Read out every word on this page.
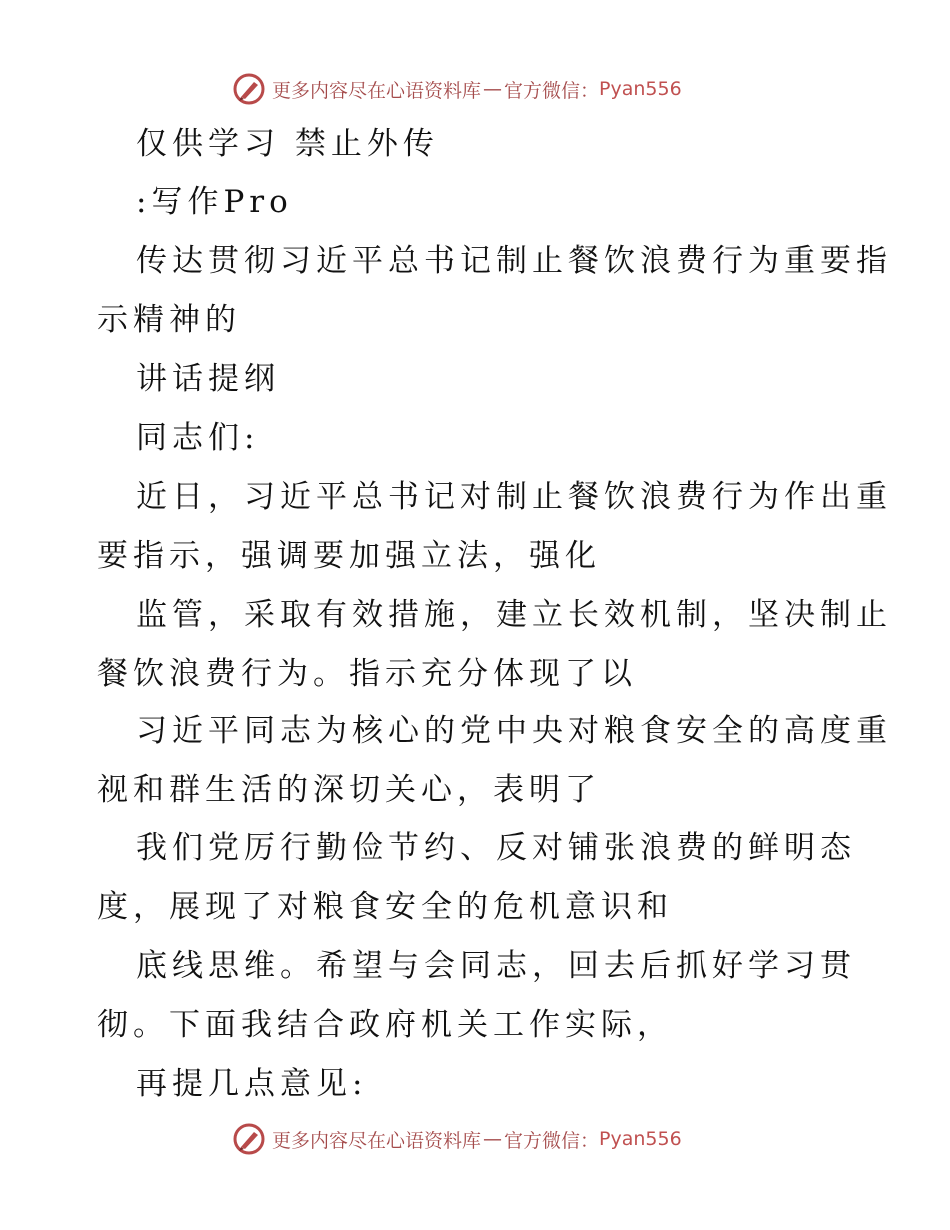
更多内容尽在心语资料库 — 官方微信： Pyan556
仅供学习 禁止外传
:写作Pro
传达贯彻习近平总书记制止餐饮浪费行为重要指
示精神的
讲话提纲
同志们:
近日，习近平总书记对制止餐饮浪费行为作出重
要指示，强调要加强立法，强化
监管，采取有效措施，建立长效机制，坚决制止
餐饮浪费行为。指示充分体现了以
习近平同志为核心的党中央对粮食安全的高度重
视和群生活的深切关心，表明了
我们党厉行勤俭节约、反对铺张浪费的鲜明态
度，展现了对粮食安全的危机意识和
底线思维。希望与会同志，回去后抓好学习贯
彻。下面我结合政府机关工作实际，
再提几点意见:
更多内容尽在心语资料库 — 官方微信： Pyan556
